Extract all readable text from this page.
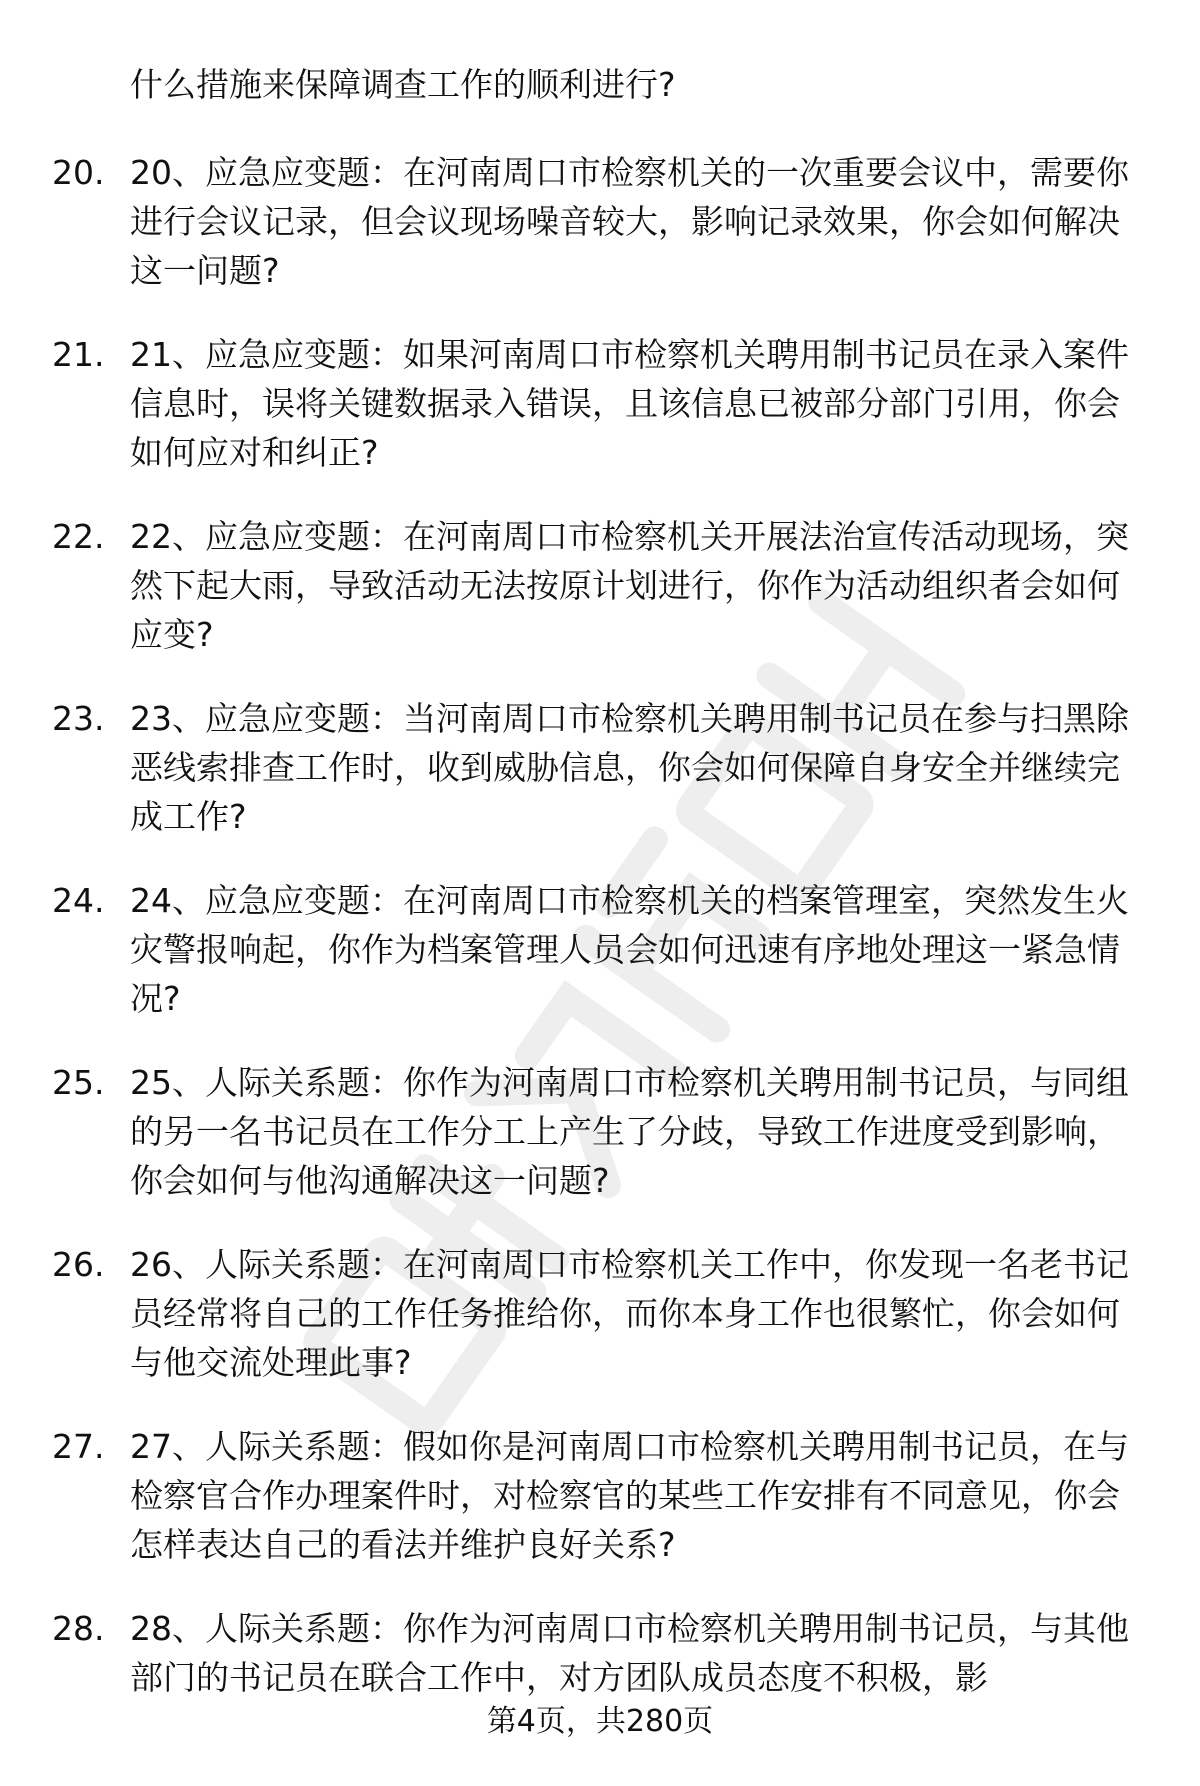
什么措施来保障调查工作的顺利进行?

20. 20、应急应变题：在河南周口市检察机关的一次重要会议中，需要你进行会议记录，但会议现场噪音较大，影响记录效果，你会如何解决这一问题?

21. 21、应急应变题：如果河南周口市检察机关聘用制书记员在录入案件信息时，误将关键数据录入错误，且该信息已被部分部门引用，你会如何应对和纠正?

22. 22、应急应变题：在河南周口市检察机关开展法治宣传活动现场，突然下起大雨，导致活动无法按原计划进行，你作为活动组织者会如何应变?

23. 23、应急应变题：当河南周口市检察机关聘用制书记员在参与扫黑除恶线索排查工作时，收到威胁信息，你会如何保障自身安全并继续完成工作?

24. 24、应急应变题：在河南周口市检察机关的档案管理室，突然发生火灾警报响起，你作为档案管理人员会如何迅速有序地处理这一紧急情况?

25. 25、人际关系题：你作为河南周口市检察机关聘用制书记员，与同组的另一名书记员在工作分工上产生了分歧，导致工作进度受到影响，你会如何与他沟通解决这一问题?

26. 26、人际关系题：在河南周口市检察机关工作中，你发现一名老书记员经常将自己的工作任务推给你，而你本身工作也很繁忙，你会如何与他交流处理此事?

27. 27、人际关系题：假如你是河南周口市检察机关聘用制书记员，在与检察官合作办理案件时，对检察官的某些工作安排有不同意见，你会怎样表达自己的看法并维护良好关系?

28. 28、人际关系题：你作为河南周口市检察机关聘用制书记员，与其他部门的书记员在联合工作中，对方团队成员态度不积极，影

第4页，共280页
